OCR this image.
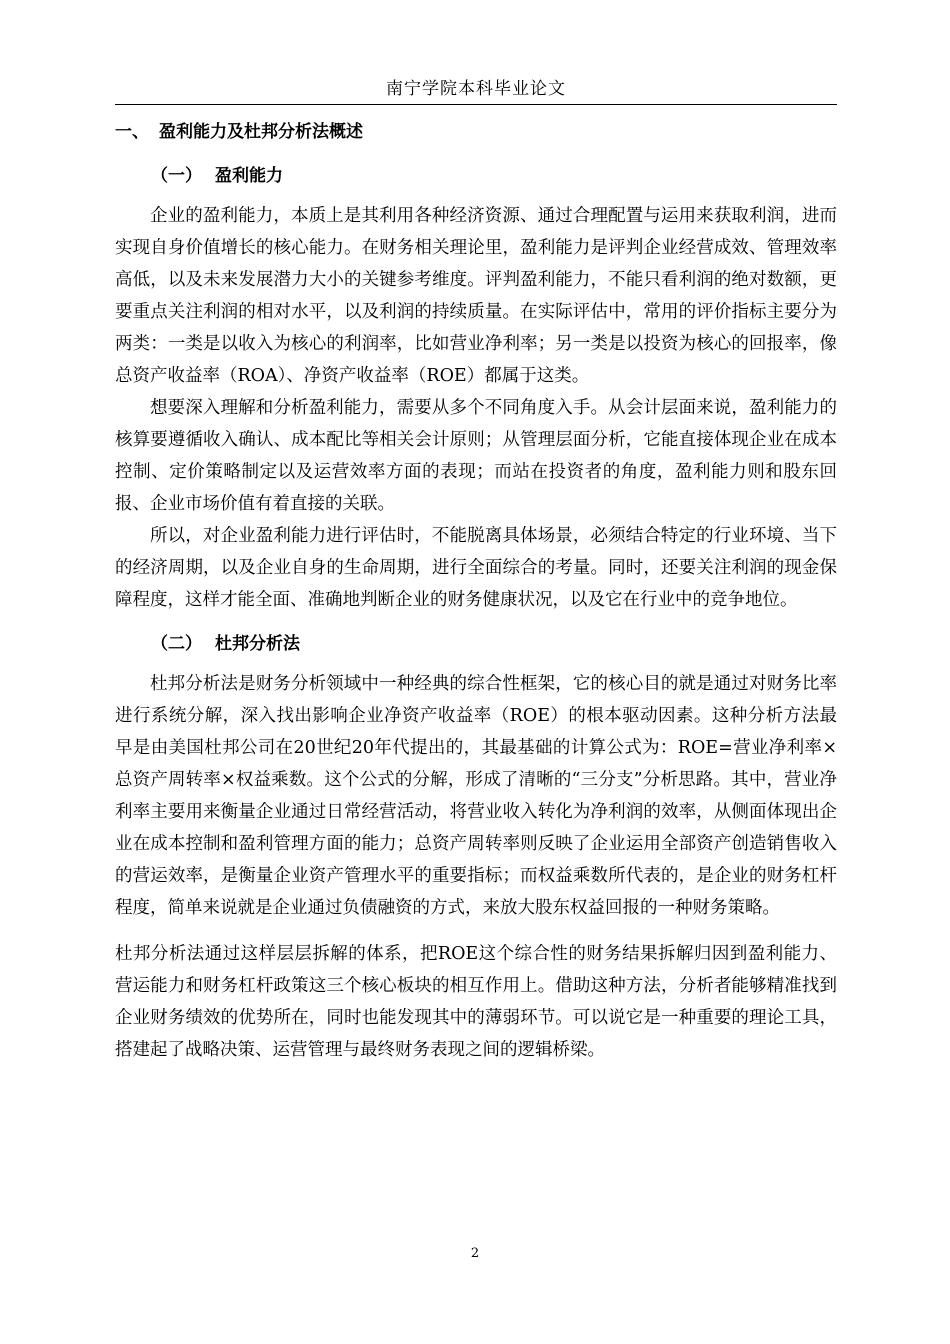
南宁学院本科毕业论文
一、 盈利能力及杜邦分析法概述
（一） 盈利能力

企业的盈利能力，本质上是其利用各种经济资源、通过合理配置与运用来获取利润，进而实现自身价值增长的核心能力。在财务相关理论里，盈利能力是评判企业经营成效、管理效率高低，以及未来发展潜力大小的关键参考维度。评判盈利能力，不能只看利润的绝对数额，更要重点关注利润的相对水平，以及利润的持续质量。在实际评估中，常用的评价指标主要分为两类：一类是以收入为核心的利润率，比如营业净利率；另一类是以投资为核心的回报率，像总资产收益率（ROA）、净资产收益率（ROE）都属于这类。

想要深入理解和分析盈利能力，需要从多个不同角度入手。从会计层面来说，盈利能力的核算要遵循收入确认、成本配比等相关会计原则；从管理层面分析，它能直接体现企业在成本控制、定价策略制定以及运营效率方面的表现；而站在投资者的角度，盈利能力则和股东回报、企业市场价值有着直接的关联。

所以，对企业盈利能力进行评估时，不能脱离具体场景，必须结合特定的行业环境、当下的经济周期，以及企业自身的生命周期，进行全面综合的考量。同时，还要关注利润的现金保障程度，这样才能全面、准确地判断企业的财务健康状况，以及它在行业中的竞争地位。

（二） 杜邦分析法

杜邦分析法是财务分析领域中一种经典的综合性框架，它的核心目的就是通过对财务比率进行系统分解，深入找出影响企业净资产收益率（ROE）的根本驱动因素。这种分析方法最早是由美国杜邦公司在20世纪20年代提出的，其最基础的计算公式为：ROE=营业净利率×总资产周转率×权益乘数。这个公式的分解，形成了清晰的“三分支”分析思路。其中，营业净利率主要用来衡量企业通过日常经营活动，将营业收入转化为净利润的效率，从侧面体现出企业在成本控制和盈利管理方面的能力；总资产周转率则反映了企业运用全部资产创造销售收入的营运效率，是衡量企业资产管理水平的重要指标；而权益乘数所代表的，是企业的财务杠杆程度，简单来说就是企业通过负债融资的方式，来放大股东权益回报的一种财务策略。

杜邦分析法通过这样层层拆解的体系，把ROE这个综合性的财务结果拆解归因到盈利能力、营运能力和财务杠杆政策这三个核心板块的相互作用上。借助这种方法，分析者能够精准找到企业财务绩效的优势所在，同时也能发现其中的薄弱环节。可以说它是一种重要的理论工具，搭建起了战略决策、运营管理与最终财务表现之间的逻辑桥梁。

2
